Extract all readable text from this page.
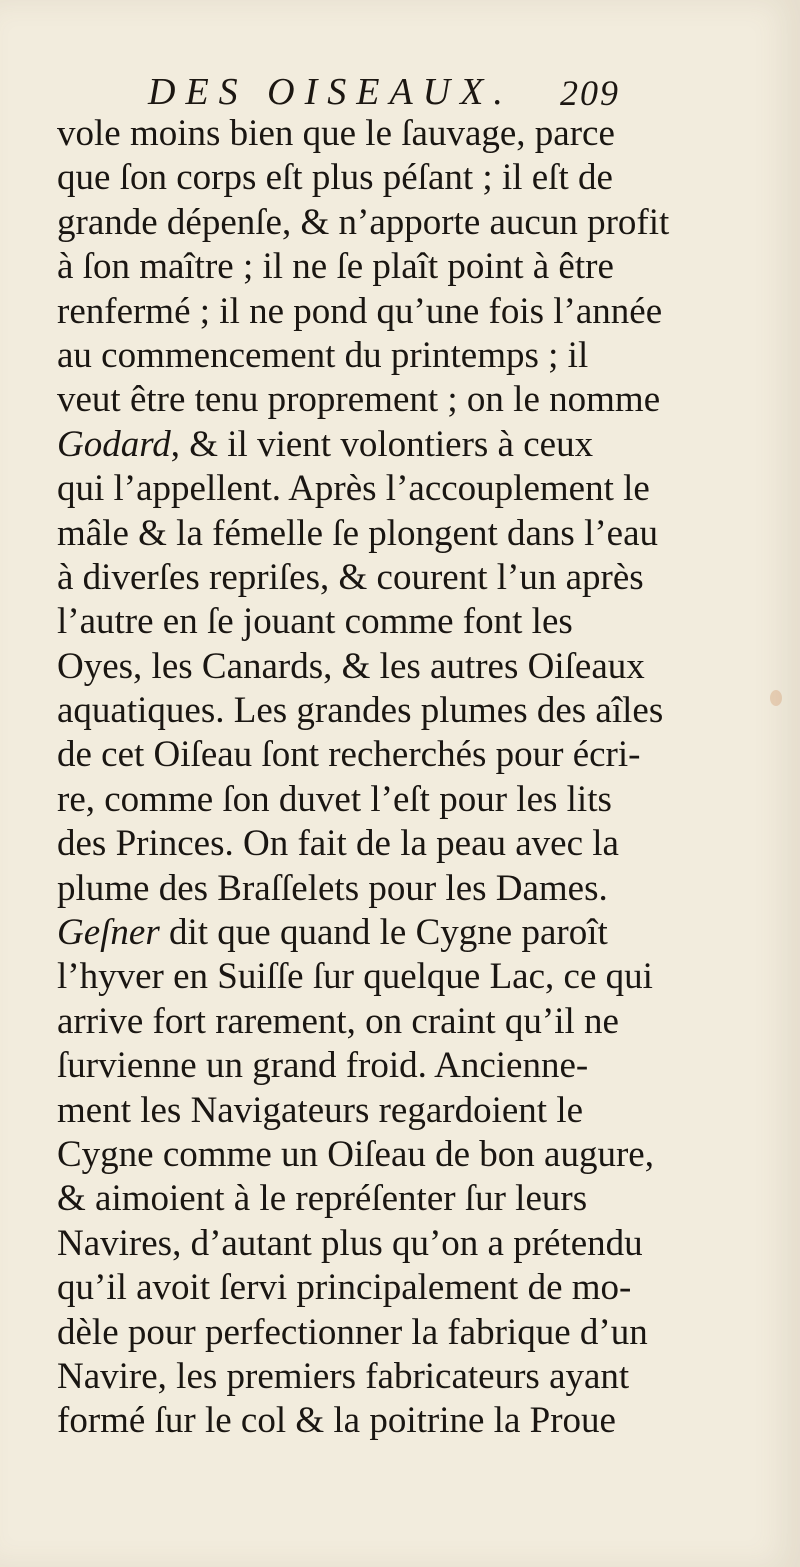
DES OISEAUX. 209
vole moins bien que le ſauvage, parce
que ſon corps eſt plus péſant ; il eſt de
grande dépenſe, & n’apporte aucun profit
à ſon maître ; il ne ſe plaît point à être
renfermé ; il ne pond qu’une fois l’année
au commencement du printemps ; il
veut être tenu proprement ; on le nomme
Godard, & il vient volontiers à ceux
qui l’appellent. Après l’accouplement le
mâle & la fémelle ſe plongent dans l’eau
à diverſes repriſes, & courent l’un après
l’autre en ſe jouant comme font les
Oyes, les Canards, & les autres Oiſeaux
aquatiques. Les grandes plumes des aîles
de cet Oiſeau ſont recherchés pour écri-
re, comme ſon duvet l’eſt pour les lits
des Princes. On fait de la peau avec la
plume des Braſſelets pour les Dames.
Geſner dit que quand le Cygne paroît
l’hyver en Suiſſe ſur quelque Lac, ce qui
arrive fort rarement, on craint qu’il ne
ſurvienne un grand froid. Ancienne-
ment les Navigateurs regardoient le
Cygne comme un Oiſeau de bon augure,
& aimoient à le repréſenter ſur leurs
Navires, d’autant plus qu’on a prétendu
qu’il avoit ſervi principalement de mo-
dèle pour perfectionner la fabrique d’un
Navire, les premiers fabricateurs ayant
formé ſur le col & la poitrine la Proue
